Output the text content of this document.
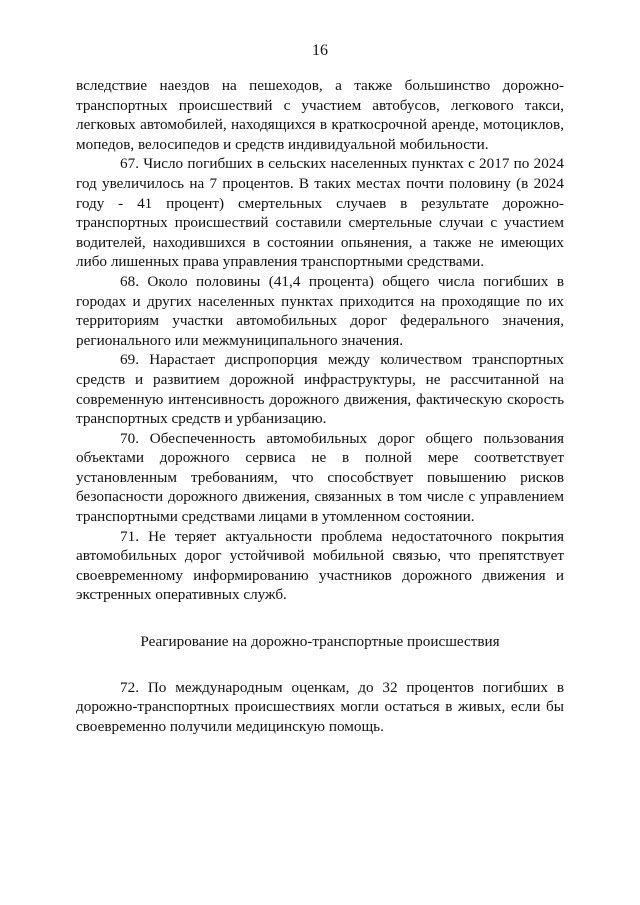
16

вследствие наездов на пешеходов, а также большинство дорожно-транспортных происшествий с участием автобусов, легкового такси, легковых автомобилей, находящихся в краткосрочной аренде, мотоциклов, мопедов, велосипедов и средств индивидуальной мобильности.

67. Число погибших в сельских населенных пунктах с 2017 по 2024 год увеличилось на 7 процентов. В таких местах почти половину (в 2024 году - 41 процент) смертельных случаев в результате дорожно-транспортных происшествий составили смертельные случаи с участием водителей, находившихся в состоянии опьянения, а также не имеющих либо лишенных права управления транспортными средствами.

68. Около половины (41,4 процента) общего числа погибших в городах и других населенных пунктах приходится на проходящие по их территориям участки автомобильных дорог федерального значения, регионального или межмуниципального значения.

69. Нарастает диспропорция между количеством транспортных средств и развитием дорожной инфраструктуры, не рассчитанной на современную интенсивность дорожного движения, фактическую скорость транспортных средств и урбанизацию.

70. Обеспеченность автомобильных дорог общего пользования объектами дорожного сервиса не в полной мере соответствует установленным требованиям, что способствует повышению рисков безопасности дорожного движения, связанных в том числе с управлением транспортными средствами лицами в утомленном состоянии.

71. Не теряет актуальности проблема недостаточного покрытия автомобильных дорог устойчивой мобильной связью, что препятствует своевременному информированию участников дорожного движения и экстренных оперативных служб.

Реагирование на дорожно-транспортные происшествия

72. По международным оценкам, до 32 процентов погибших в дорожно-транспортных происшествиях могли остаться в живых, если бы своевременно получили медицинскую помощь.
